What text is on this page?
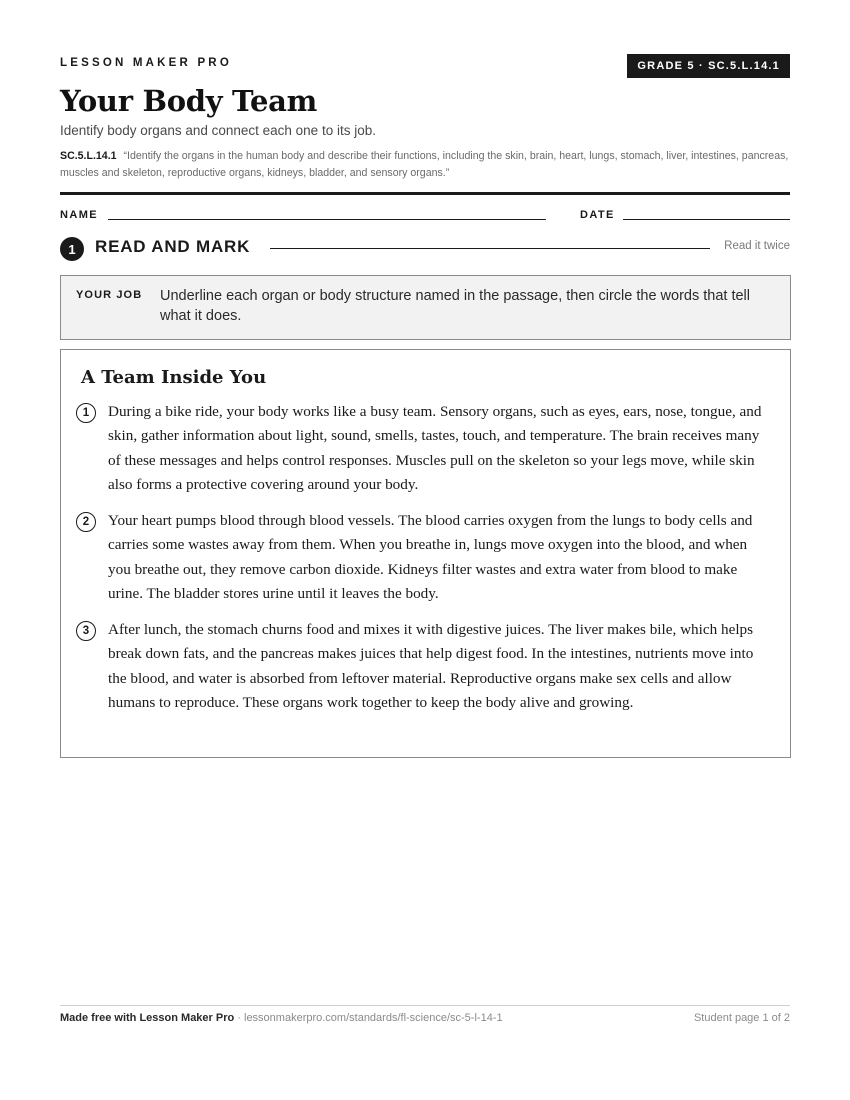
LESSON MAKER PRO	GRADE 5 · SC.5.L.14.1
Your Body Team
Identify body organs and connect each one to its job.
SC.5.L.14.1 “Identify the organs in the human body and describe their functions, including the skin, brain, heart, lungs, stomach, liver, intestines, pancreas, muscles and skeleton, reproductive organs, kidneys, bladder, and sensory organs.”
NAME	DATE
1	READ AND MARK	Read it twice
YOUR JOB Underline each organ or body structure named in the passage, then circle the words that tell what it does.
A Team Inside You
1	During a bike ride, your body works like a busy team. Sensory organs, such as eyes, ears, nose, tongue, and skin, gather information about light, sound, smells, tastes, touch, and temperature. The brain receives many of these messages and helps control responses. Muscles pull on the skeleton so your legs move, while skin also forms a protective covering around your body.
2	Your heart pumps blood through blood vessels. The blood carries oxygen from the lungs to body cells and carries some wastes away from them. When you breathe in, lungs move oxygen into the blood, and when you breathe out, they remove carbon dioxide. Kidneys filter wastes and extra water from blood to make urine. The bladder stores urine until it leaves the body.
3	After lunch, the stomach churns food and mixes it with digestive juices. The liver makes bile, which helps break down fats, and the pancreas makes juices that help digest food. In the intestines, nutrients move into the blood, and water is absorbed from leftover material. Reproductive organs make sex cells and allow humans to reproduce. These organs work together to keep the body alive and growing.
Made free with Lesson Maker Pro · lessonmakerpro.com/standards/fl-science/sc-5-l-14-1	Student page 1 of 2
